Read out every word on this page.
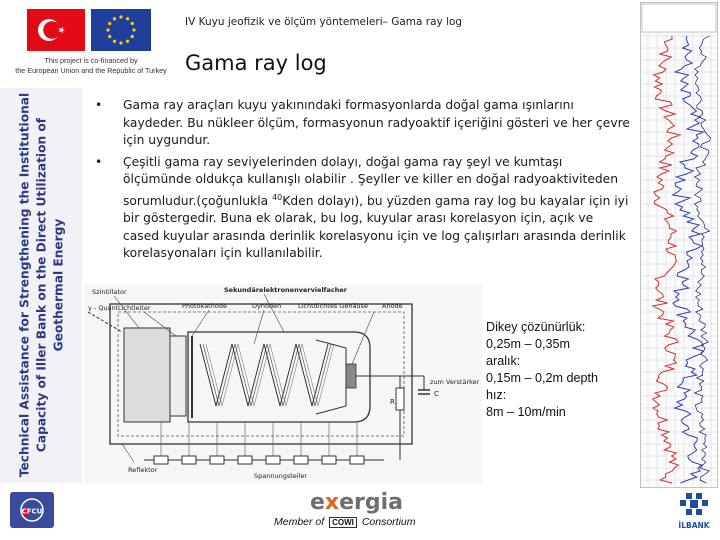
IV Kuyu jeofizik ve ölçüm yöntemeleri– Gama ray log
This project is co-financed by
the European Union and the Republic of Turkey Gama ray log
Technical Assistance for Strengthening the Institutional Capacity of Iller Bank on the Direct Utilization of Geothermal Energy
• Gama ray araçları kuyu yakınındaki formasyonlarda doğal gama ışınlarını kaydeder. Bu nükleer ölçüm, formasyonun radyoaktif içeriğini gösteri ve her çevre için uygundur.
• Çeşitli gama ray seviyelerinden dolayı, doğal gama ray şeyl ve kumtaşı ölçümünde oldukça kullanışlı olabilir . Şeyller ve killer en doğal radyoaktiviteden sorumludur.(çoğunlukla $^{40}$Kden dolayı), bu yüzden gama ray log bu kayalar için iyi bir göstergedir. Buna ek olarak, bu log, kuyular arası korelasyon için, açık ve cased kuyular arasında derinlik korelasyonu için ve log çalışırları arasında derinlik korelasyonaları için kullanılabilir.
Szintillator	Sekundärelektronenvervielfacher
γ - Quant Lichtleiter	Photokathode	Dynoden	Lichtdichtes Gehäuse Anode
zum Verstärker
R
C
Reflektor
Spannungsteiler
Dikey çözünürlük:
0,25m – 0,35m
aralık:
0,15m – 0,2m depth
hız:
8m – 10m/min
CFCU	exergia
Member of COWI Consortium	İLBANK
